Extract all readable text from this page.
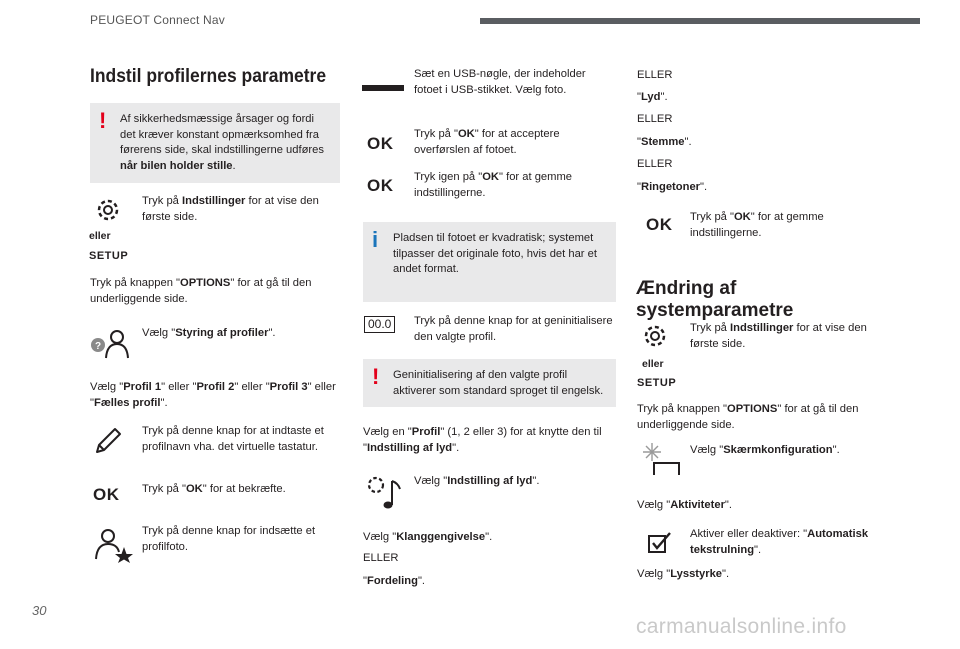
PEUGEOT Connect Nav
Indstil profilernes parametre
! Af sikkerhedsmæssige årsager og fordi det kræver konstant opmærksomhed fra førerens side, skal indstillingerne udføres når bilen holder stille.
eller
SETUP
Tryk på Indstillinger for at vise den første side.
Tryk på knappen "OPTIONS" for at gå til den underliggende side.
?
Vælg "Styring af profiler".
Vælg "Profil 1" eller "Profil 2" eller "Profil 3" eller "Fælles profil".
Tryk på denne knap for at indtaste et profilnavn vha. det virtuelle tastatur.
OK Tryk på "OK" for at bekræfte.
Tryk på denne knap for indsætte et profilfoto.
Sæt en USB-nøgle, der indeholder fotoet i USB-stikket. Vælg foto.
OK Tryk på "OK" for at acceptere overførslen af fotoet.
OK Tryk igen på "OK" for at gemme indstillingerne.
i Pladsen til fotoet er kvadratisk; systemet tilpasser det originale foto, hvis det har et andet format.
00.0	Tryk på denne knap for at geninitialisere den valgte profil.
! Geninitialisering af den valgte profil aktiverer som standard sproget til engelsk.
Vælg en "Profil" (1, 2 eller 3) for at knytte den til "Indstilling af lyd".
Vælg "Indstilling af lyd".
Vælg "Klanggengivelse".
ELLER
"Fordeling".
ELLER
"Lyd".
ELLER
"Stemme".
ELLER
"Ringetoner".
OK Tryk på "OK" for at gemme indstillingerne.
Ændring af systemparametre
eller
SETUP
Tryk på Indstillinger for at vise den første side.
Tryk på knappen "OPTIONS" for at gå til den underliggende side.
Vælg "Skærmkonfiguration".
Vælg "Aktiviteter".
Aktiver eller deaktiver: "Automatisk tekstrulning".
Vælg "Lysstyrke".
30
carmanualsonline.info
